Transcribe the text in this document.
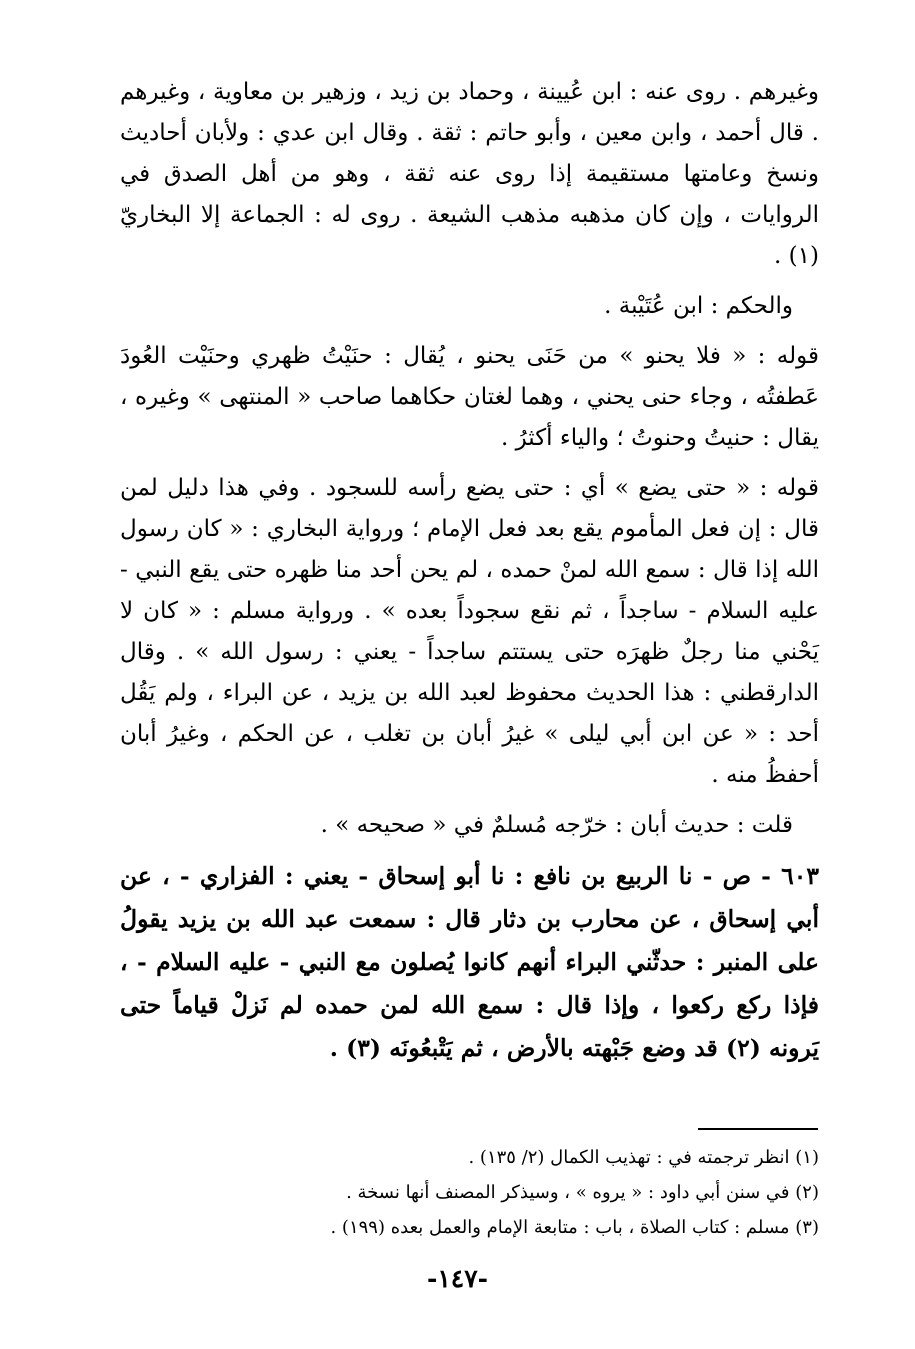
وغيرهم . روى عنه : ابن عُيينة ، وحماد بن زيد ، وزهير بن معاوية ، وغيرهم . قال أحمد ، وابن معين ، وأبو حاتم : ثقة . وقال ابن عدي : ولأبان أحاديث ونسخ وعامتها مستقيمة إذا روى عنه ثقة ، وهو من أهل الصدق في الروايات ، وإن كان مذهبه مذهب الشيعة . روى له : الجماعة إلا البخاريّ (١) .

والحكم : ابن عُتَيْبة .

قوله : « فلا يحنو » من حَنَى يحنو ، يُقال : حنَيْتُ ظهري وحنَيْت العُودَ عَطفتُه ، وجاء حنى يحني ، وهما لغتان حكاهما صاحب « المنتهى » وغيره ، يقال : حنيتُ وحنوتُ ؛ والياء أكثرُ .

قوله : « حتى يضع » أي : حتى يضع رأسه للسجود . وفي هذا دليل لمن قال : إن فعل المأموم يقع بعد فعل الإمام ؛ ورواية البخاري : « كان رسول الله إذا قال : سمع الله لمنْ حمده ، لم يحن أحد منا ظهره حتى يقع النبي - عليه السلام - ساجداً ، ثم نقع سجوداً بعده » . ورواية مسلم : « كان لا يَحْني منا رجلٌ ظهرَه حتى يستتم ساجداً - يعني : رسول الله » . وقال الدارقطني : هذا الحديث محفوظ لعبد الله بن يزيد ، عن البراء ، ولم يَقُل أحد : « عن ابن أبي ليلى » غيرُ أبان بن تغلب ، عن الحكم ، وغيرُ أبان أحفظُ منه .

قلت : حديث أبان : خرّجه مُسلمٌ في « صحيحه » .

٦٠٣ - ص - نا الربيع بن نافع : نا أبو إسحاق - يعني : الفزاري - ، عن أبي إسحاق ، عن محارب بن دثار قال : سمعت عبد الله بن يزيد يقولُ على المنبر : حدثّني البراء أنهم كانوا يُصلون مع النبي - عليه السلام - ، فإذا ركع ركعوا ، وإذا قال : سمع الله لمن حمده لم نَزلْ قياماً حتى يَرونه (٢) قد وضع جَبْهته بالأرض ، ثم يَتْبعُونَه (٣) .

(١) انظر ترجمته في : تهذيب الكمال (٢/ ١٣٥) .

(٢) في سنن أبي داود : « يروه » ، وسيذكر المصنف أنها نسخة .

(٣) مسلم : كتاب الصلاة ، باب : متابعة الإمام والعمل بعده (١٩٩) .

-١٤٧-
